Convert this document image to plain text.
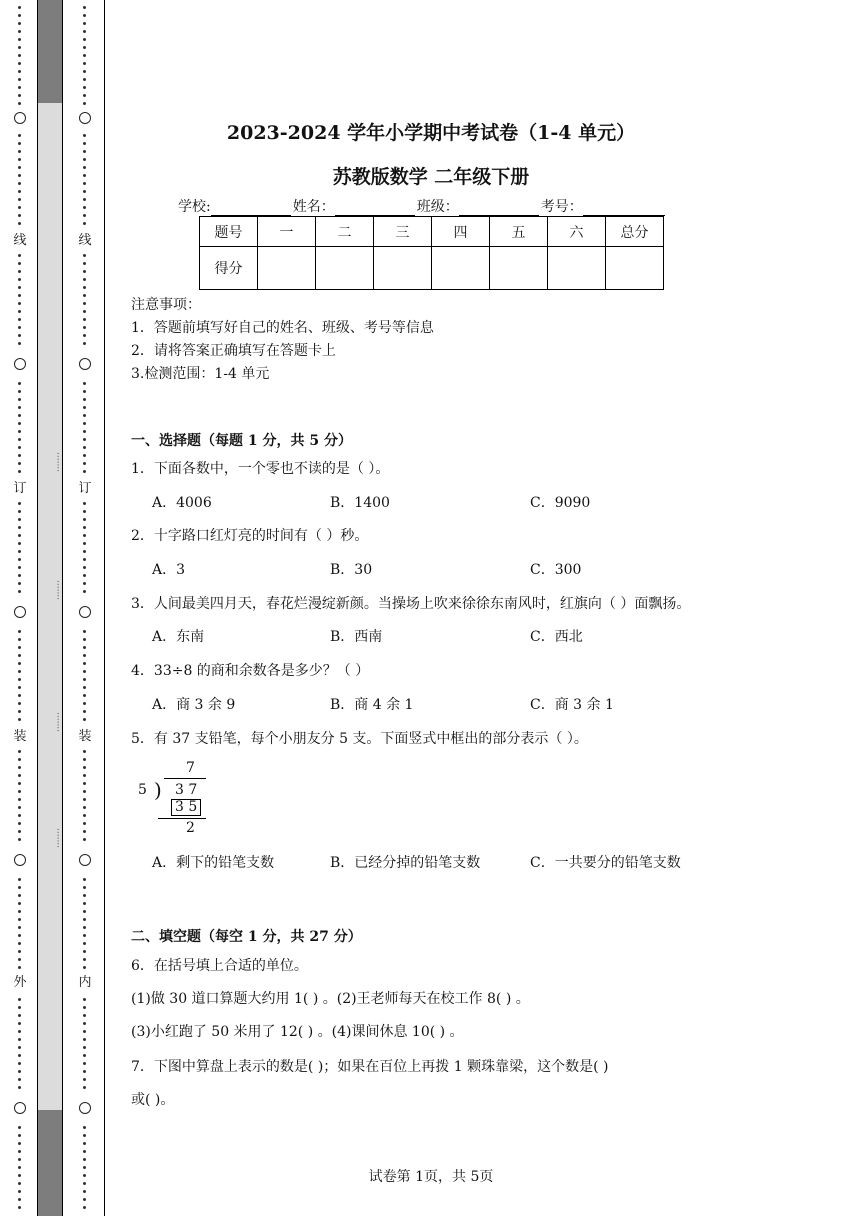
线
订
装
外
·······
·······
·······
·······
线
订
装
内
2023-2024 学年小学期中考试卷（1-4 单元）
苏教版数学 二年级下册
学校:	姓名：	班级：	考号：
题号	一	二	三	四	五	六	总分
得分							
注意事项：
1．答题前填写好自己的姓名、班级、考号等信息
2．请将答案正确填写在答题卡上
3.检测范围：1-4 单元
一、选择题（每题 1 分，共 5 分）
1．下面各数中，一个零也不读的是（ ）。
A．4006	B．1400	C．9090
2．十字路口红灯亮的时间有（ ）秒。
A．3	B．30	C．300
3．人间最美四月天，春花烂漫绽新颜。当操场上吹来徐徐东南风时，红旗向（ ）面飘扬。
A．东南	B．西南	C．西北
4．33÷8 的商和余数各是多少？（ ）
A．商 3 余 9	B．商 4 余 1	C．商 3 余 1
5．有 37 支铅笔，每个小朋友分 5 支。下面竖式中框出的部分表示（ ）。
7
5 ) 3 7
3 5
2
A．剩下的铅笔支数	B．已经分掉的铅笔支数	C．一共要分的铅笔支数
二、填空题（每空 1 分，共 27 分）
6．在括号填上合适的单位。
(1)做 30 道口算题大约用 1( ) 。(2)王老师每天在校工作 8( ) 。
(3)小红跑了 50 米用了 12( ) 。(4)课间休息 10( ) 。
7．下图中算盘上表示的数是( )；如果在百位上再拨 1 颗珠靠梁，这个数是( )
或( )。
试卷第 1页，共 5页
